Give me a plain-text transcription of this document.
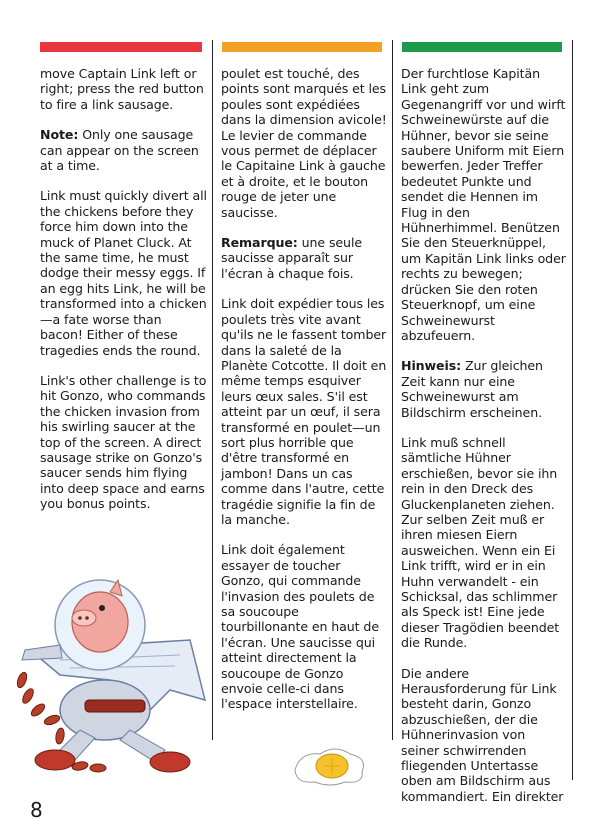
move Captain Link left or right; press the red button to fire a link sausage.

Note: Only one sausage can appear on the screen at a time.

Link must quickly divert all the chickens before they force him down into the muck of Planet Cluck. At the same time, he must dodge their messy eggs. If an egg hits Link, he will be transformed into a chicken—a fate worse than bacon! Either of these tragedies ends the round.

Link's other challenge is to hit Gonzo, who commands the chicken invasion from his swirling saucer at the top of the screen. A direct sausage strike on Gonzo's saucer sends him flying into deep space and earns you bonus points.

poulet est touché, des points sont marqués et les poules sont expédiées dans la dimension avicole! Le levier de commande vous permet de déplacer le Capitaine Link à gauche et à droite, et le bouton rouge de jeter une saucisse.

Remarque: une seule saucisse apparaît sur l'écran à chaque fois.

Link doit expédier tous les poulets très vite avant qu'ils ne le fassent tomber dans la saleté de la Planète Cotcotte. Il doit en même temps esquiver leurs œux sales. S'il est atteint par un œuf, il sera transformé en poulet—un sort plus horrible que d'être transformé en jambon! Dans un cas comme dans l'autre, cette tragédie signifie la fin de la manche.

Link doit également essayer de toucher Gonzo, qui commande l'invasion des poulets de sa soucoupe tourbillonante en haut de l'écran. Une saucisse qui atteint directement la soucoupe de Gonzo envoie celle-ci dans l'espace interstellaire.

Der furchtlose Kapitän Link geht zum Gegenangriff vor und wirft Schweinewürste auf die Hühner, bevor sie seine saubere Uniform mit Eiern bewerfen. Jeder Treffer bedeutet Punkte und sendet die Hennen im Flug in den Hühnerhimmel. Benützen Sie den Steuerknüppel, um Kapitän Link links oder rechts zu bewegen; drücken Sie den roten Steuerknopf, um eine Schweinewurst abzufeuern.

Hinweis: Zur gleichen Zeit kann nur eine Schweinewurst am Bildschirm erscheinen.

Link muß schnell sämtliche Hühner erschießen, bevor sie ihn rein in den Dreck des Gluckenplaneten ziehen. Zur selben Zeit muß er ihren miesen Eiern ausweichen. Wenn ein Ei Link trifft, wird er in ein Huhn verwandelt - ein Schicksal, das schlimmer als Speck ist! Eine jede dieser Tragödien beendet die Runde.

Die andere Herausforderung für Link besteht darin, Gonzo abzuschießen, der die Hühnerinvasion von seiner schwirrenden fliegenden Untertasse oben am Bildschirm aus kommandiert. Ein direkter

8
